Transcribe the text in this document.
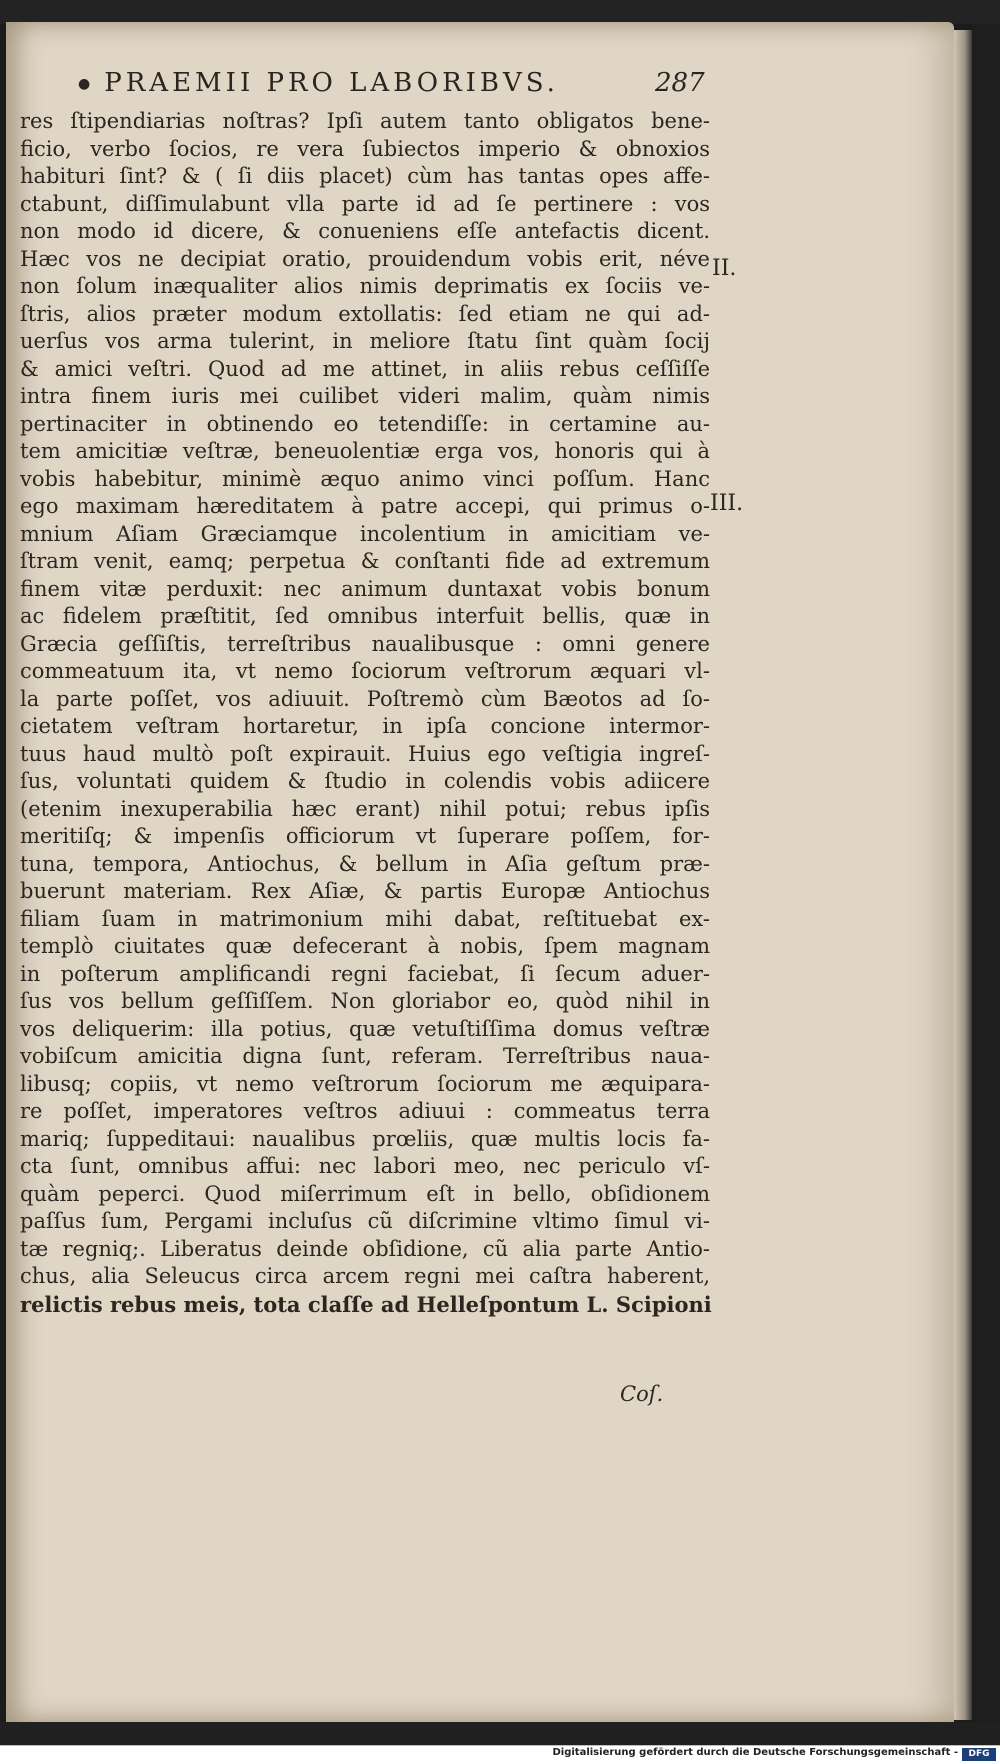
● PRAEMII PRO LABORIBVS.	287
II.
III.
res ſtipendiarias noſtras? Ipſi autem tanto obligatos bene-
ficio, verbo ſocios, re vera ſubiectos imperio & obnoxios
habituri ſint? & ( ſi diis placet) cùm has tantas opes affe-
ctabunt, diſſimulabunt vlla parte id ad ſe pertinere : vos
non modo id dicere, & conueniens eſſe antefactis dicent.
Hæc vos ne decipiat oratio, prouidendum vobis erit, néve
non ſolum inæqualiter alios nimis deprimatis ex ſociis ve-
ſtris, alios præter modum extollatis: ſed etiam ne qui ad-
uerſus vos arma tulerint, in meliore ſtatu ſint quàm ſocij
& amici veſtri. Quod ad me attinet, in aliis rebus ceſſiſſe
intra finem iuris mei cuilibet videri malim, quàm nimis
pertinaciter in obtinendo eo tetendiſſe: in certamine au-
tem amicitiæ veſtræ, beneuolentiæ erga vos, honoris qui à
vobis habebitur, minimè æquo animo vinci poſſum. Hanc
ego maximam hæreditatem à patre accepi, qui primus o-
mnium Aſiam Græciamque incolentium in amicitiam ve-
ſtram venit, eamq; perpetua & conſtanti fide ad extremum
finem vitæ perduxit: nec animum duntaxat vobis bonum
ac fidelem præſtitit, ſed omnibus interfuit bellis, quæ in
Græcia geſſiſtis, terreſtribus naualibusque : omni genere
commeatuum ita, vt nemo ſociorum veſtrorum æquari vl-
la parte poſſet, vos adiuuit. Poſtremò cùm Bæotos ad ſo-
cietatem veſtram hortaretur, in ipſa concione intermor-
tuus haud multò poſt expirauit. Huius ego veſtigia ingreſ-
ſus, voluntati quidem & ſtudio in colendis vobis adiicere
(etenim inexuperabilia hæc erant) nihil potui; rebus ipſis
meritiſq; & impenſis officiorum vt ſuperare poſſem, for-
tuna, tempora, Antiochus, & bellum in Aſia geſtum præ-
buerunt materiam. Rex Aſiæ, & partis Europæ Antiochus
filiam ſuam in matrimonium mihi dabat, reſtituebat ex-
templò ciuitates quæ defecerant à nobis, ſpem magnam
in poſterum amplificandi regni faciebat, ſi ſecum aduer-
ſus vos bellum geſſiſſem. Non gloriabor eo, quòd nihil in
vos deliquerim: illa potius, quæ vetuſtiſſima domus veſtræ
vobiſcum amicitia digna ſunt, referam. Terreſtribus naua-
libusq; copiis, vt nemo veſtrorum ſociorum me æquipara-
re poſſet, imperatores veſtros adiuui : commeatus terra
mariq; ſuppeditaui: naualibus prœliis, quæ multis locis fa-
cta ſunt, omnibus affui: nec labori meo, nec periculo vſ-
quàm peperci. Quod miſerrimum eſt in bello, obſidionem
paſſus ſum, Pergami incluſus cũ diſcrimine vltimo ſimul vi-
tæ regniq;. Liberatus deinde obſidione, cũ alia parte Antio-
chus, alia Seleucus circa arcem regni mei caſtra haberent,
relictis rebus meis, tota claſſe ad Helleſpontum L. Scipioni
Coſ.
Digitalisierung gefördert durch die Deutsche Forschungsgemeinschaft -	DFG
